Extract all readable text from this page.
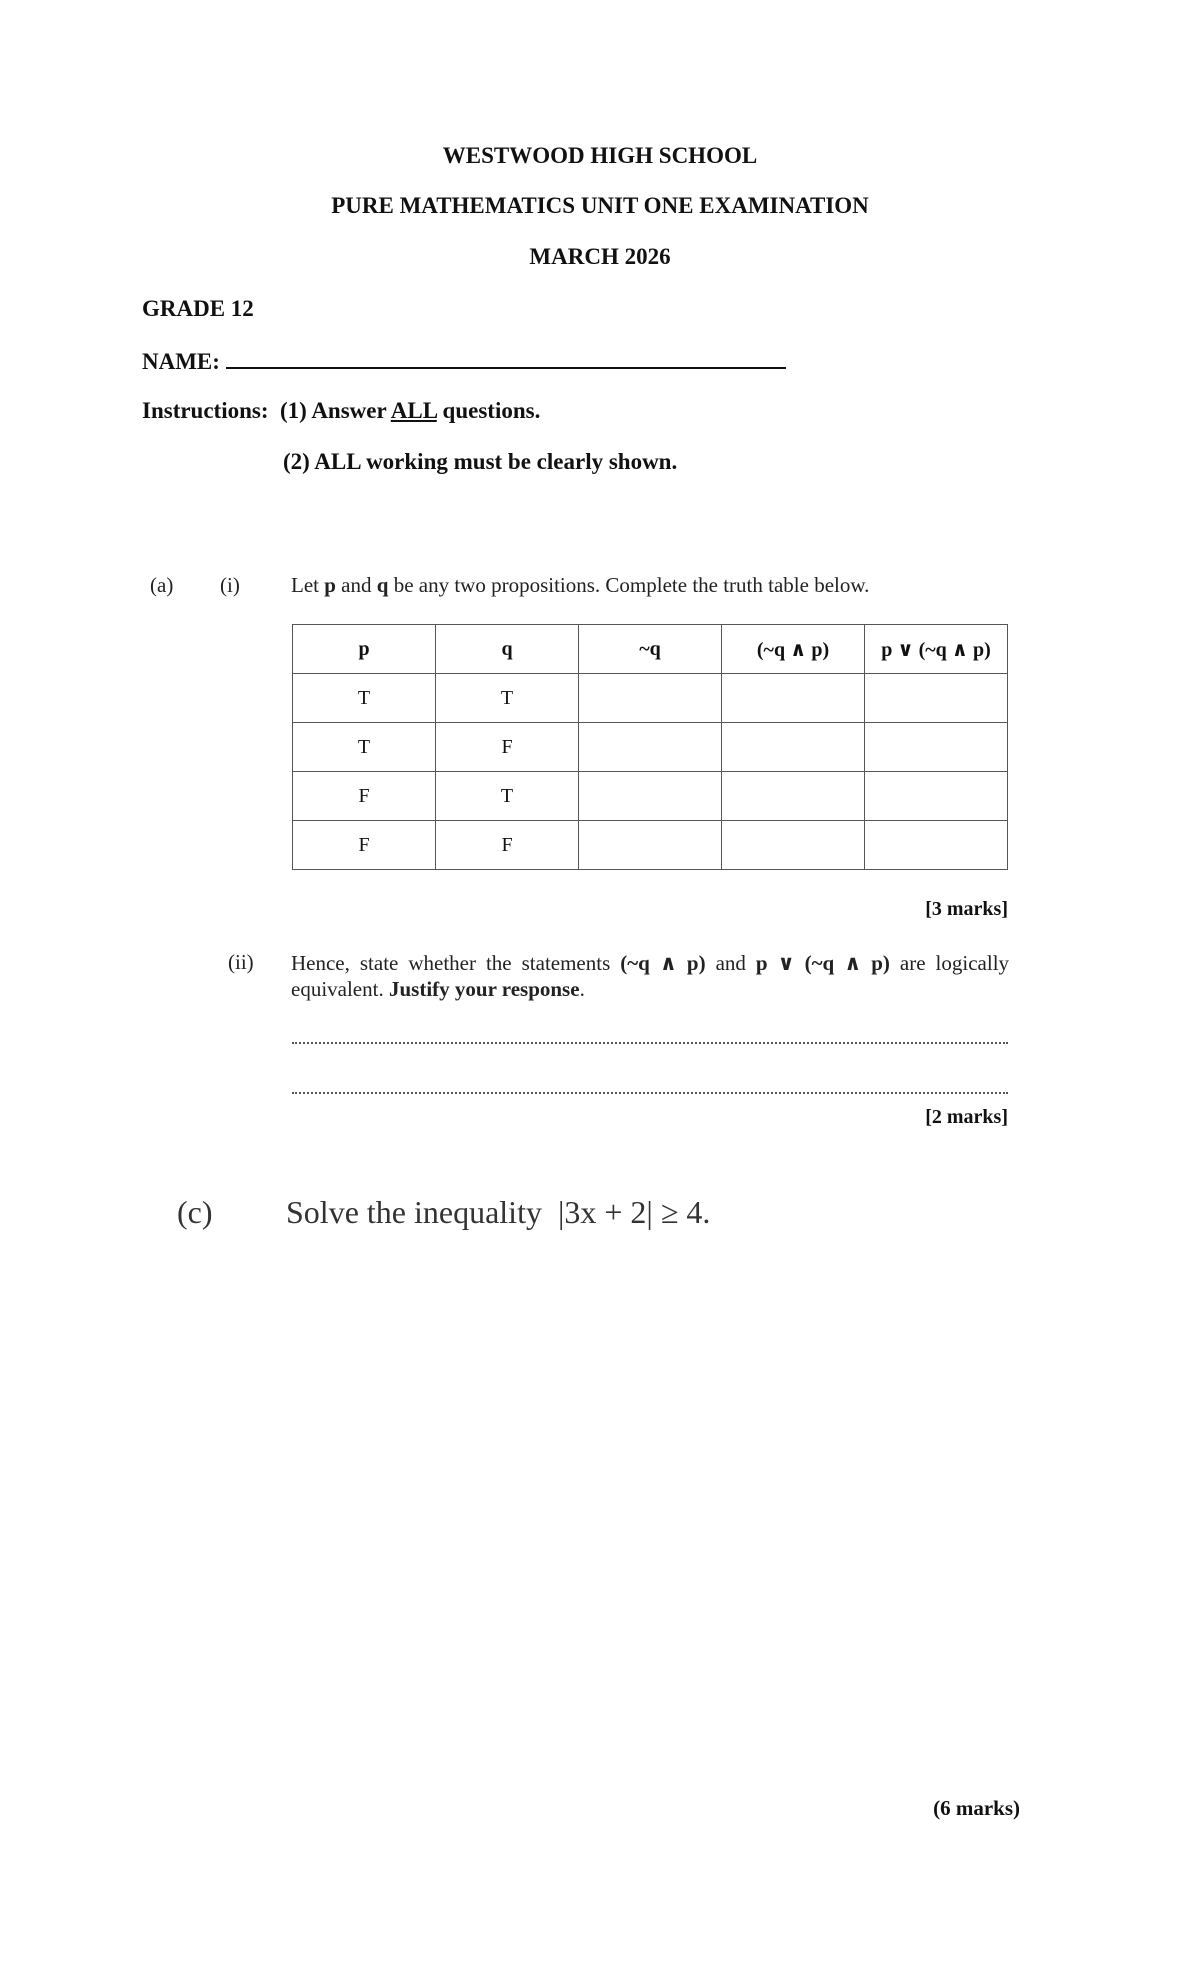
WESTWOOD HIGH SCHOOL
PURE MATHEMATICS UNIT ONE EXAMINATION
MARCH 2026
GRADE 12
NAME:
Instructions: (1) Answer ALL questions.
(2) ALL working must be clearly shown.
(a) (i) Let p and q be any two propositions. Complete the truth table below.
p	q	~q	(~q ∧ p)	p ∨ (~q ∧ p)
T	T			
T	F			
F	T			
F	F			
[3 marks]
(ii) Hence, state whether the statements (~q ∧ p) and p ∨ (~q ∧ p) are logically equivalent. Justify your response.
[2 marks]
(c) Solve the inequality |3x + 2| ≥ 4.
(6 marks)
